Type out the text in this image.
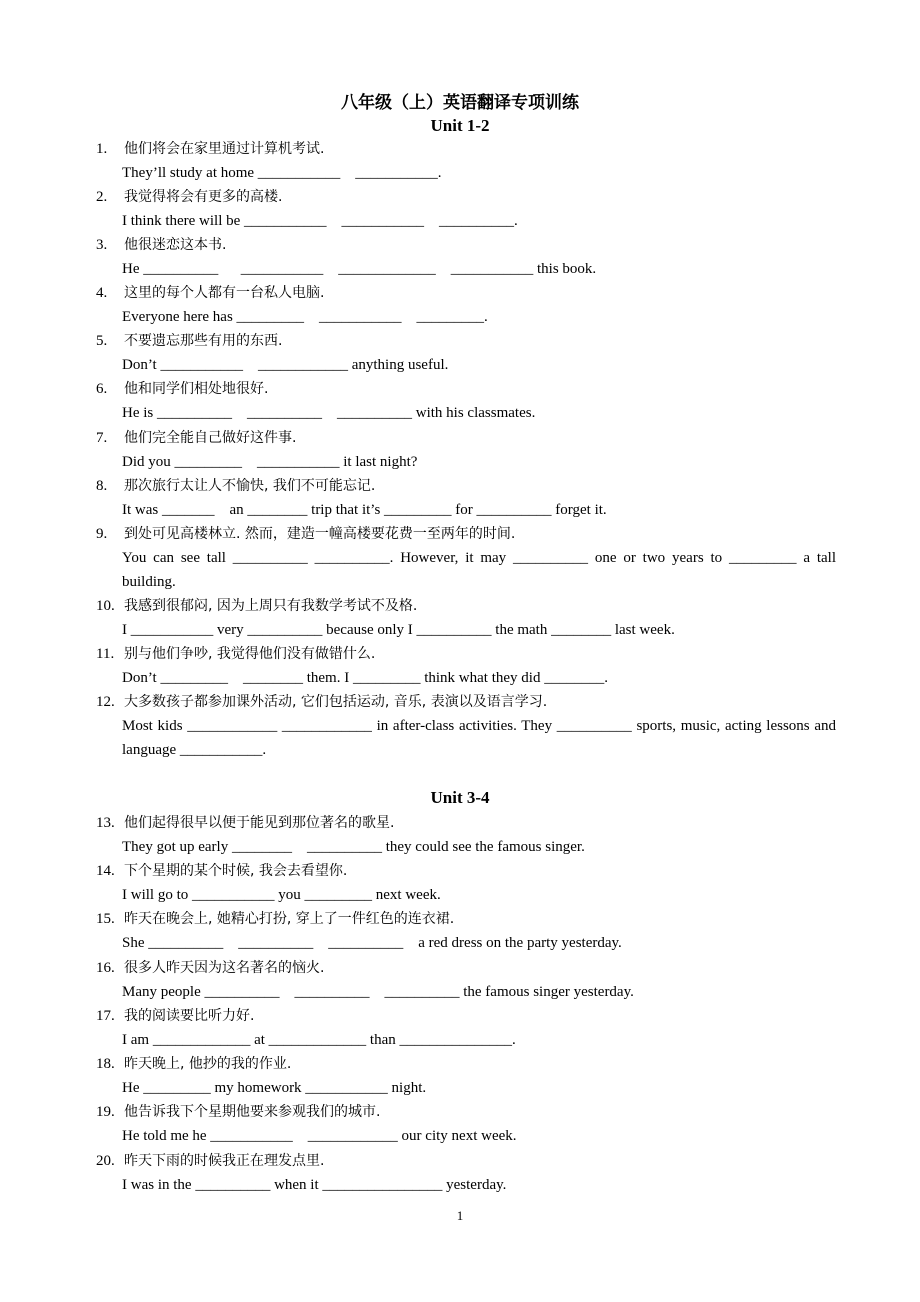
八年级（上）英语翻译专项训练
Unit 1-2
1. 他们将会在家里通过计算机考试.
They’ll study at home ___________    ___________.
2. 我觉得将会有更多的高楼.
I think there will be ___________    ___________    __________.
3. 他很迷恋这本书.
He __________      ___________    _____________    ___________ this book.
4. 这里的每个人都有一台私人电脑.
Everyone here has _________    ___________    _________.
5. 不要遗忘那些有用的东西.
Don’t ___________    ____________ anything useful.
6. 他和同学们相处地很好.
He is __________    __________    __________ with his classmates.
7. 他们完全能自己做好这件事.
Did you _________    ___________ it last night?
8. 那次旅行太让人不愉快, 我们不可能忘记.
It was _______    an ________ trip that it’s _________ for __________ forget it.
9. 到处可见高楼林立. 然而，建造一幢高楼要花费一至两年的时间.
You can see tall __________ __________. However, it may __________ one or two years to _________ a tall building.
10. 我感到很郁闷, 因为上周只有我数学考试不及格.
I ___________ very __________ because only I __________ the math ________ last week.
11. 别与他们争吵, 我觉得他们没有做错什么.
Don’t _________    ________ them. I _________ think what they did ________.
12. 大多数孩子都参加课外活动, 它们包括运动, 音乐, 表演以及语言学习.
Most kids ____________ ____________ in after-class activities. They __________ sports, music, acting lessons and language ___________.
Unit 3-4
13. 他们起得很早以便于能见到那位著名的歌星.
They got up early ________    __________ they could see the famous singer.
14. 下个星期的某个时候, 我会去看望你.
I will go to ___________ you _________ next week.
15. 昨天在晚会上, 她精心打扮, 穿上了一件红色的连衣裙.
She __________    __________    __________    a red dress on the party yesterday.
16. 很多人昨天因为这名著名的恼火.
Many people __________    __________    __________ the famous singer yesterday.
17. 我的阅读要比听力好.
I am _____________ at _____________ than _______________.
18. 昨天晚上, 他抄的我的作业.
He _________ my homework ___________ night.
19. 他告诉我下个星期他要来参观我们的城市.
He told me he ___________    ____________ our city next week.
20. 昨天下雨的时候我正在理发点里.
I was in the __________ when it ________________ yesterday.
1
